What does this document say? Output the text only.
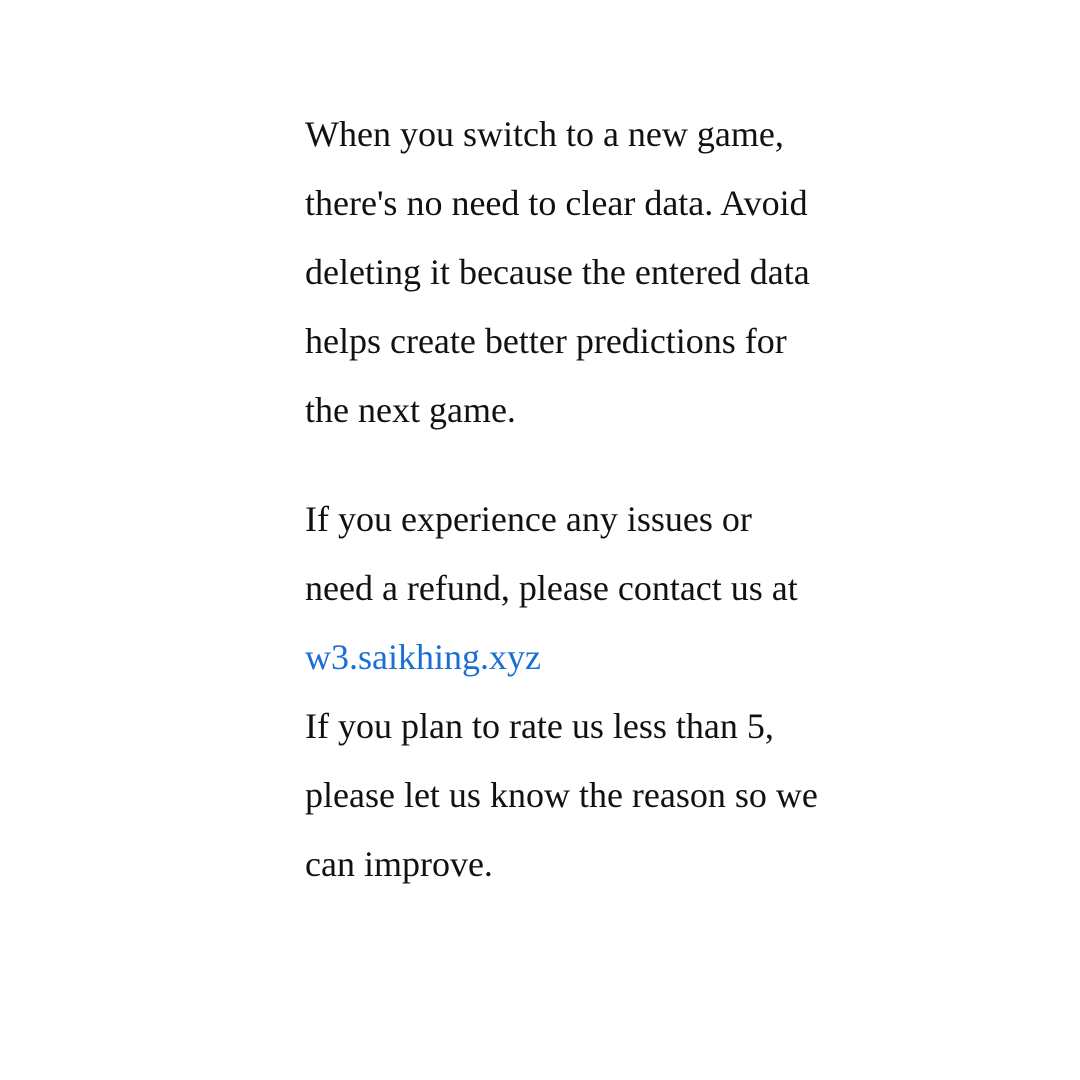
When you switch to a new game, there's no need to clear data. Avoid deleting it because the entered data helps create better predictions for the next game.

If you experience any issues or need a refund, please contact us at w3.saikhing.xyz

If you plan to rate us less than 5, please let us know the reason so we can improve.
